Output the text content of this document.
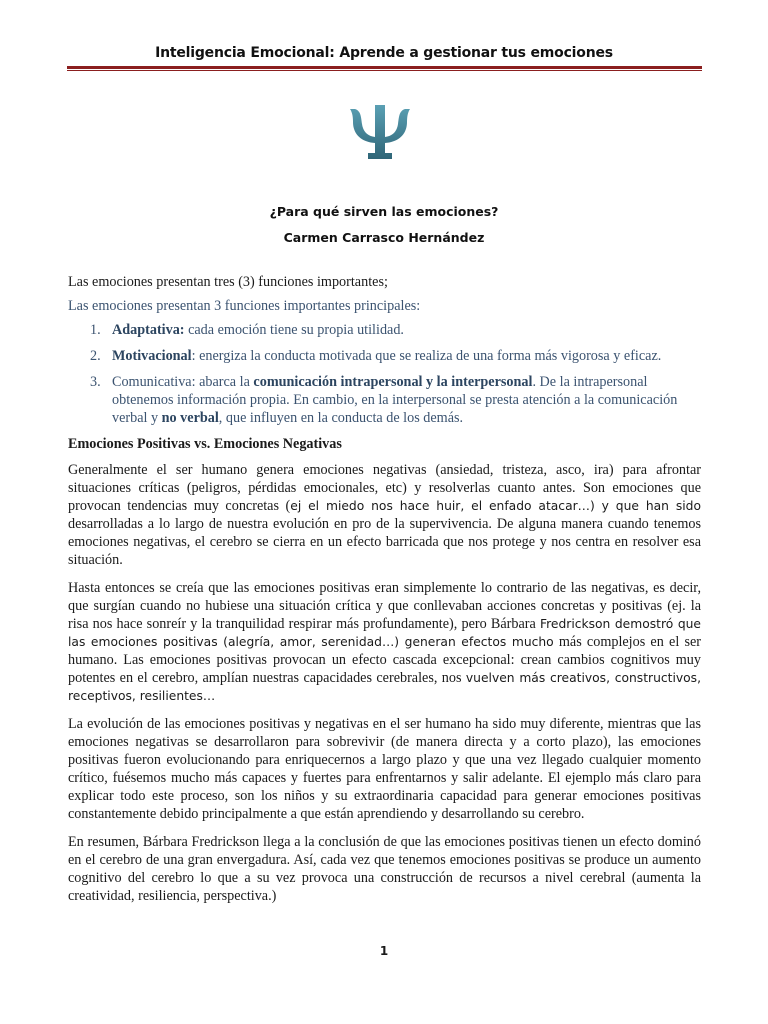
Inteligencia Emocional: Aprende a gestionar tus emociones
¿Para qué sirven las emociones?
Carmen Carrasco Hernández

Las emociones presentan tres (3) funciones importantes;

Las emociones presentan 3 funciones importantes principales:

1. Adaptativa: cada emoción tiene su propia utilidad.
2. Motivacional: energiza la conducta motivada que se realiza de una forma más vigorosa y eficaz.
3. Comunicativa: abarca la comunicación intrapersonal y la interpersonal. De la intrapersonal obtenemos información propia. En cambio, en la interpersonal se presta atención a la comunicación verbal y no verbal, que influyen en la conducta de los demás.

Emociones Positivas vs. Emociones Negativas

Generalmente el ser humano genera emociones negativas (ansiedad, tristeza, asco, ira) para afrontar situaciones críticas (peligros, pérdidas emocionales, etc) y resolverlas cuanto antes. Son emociones que provocan tendencias muy concretas (ej el miedo nos hace huir, el enfado atacar…) y que han sido desarrolladas a lo largo de nuestra evolución en pro de la supervivencia. De alguna manera cuando tenemos emociones negativas, el cerebro se cierra en un efecto barricada que nos protege y nos centra en resolver esa situación.

Hasta entonces se creía que las emociones positivas eran simplemente lo contrario de las negativas, es decir, que surgían cuando no hubiese una situación crítica y que conllevaban acciones concretas y positivas (ej. la risa nos hace sonreír y la tranquilidad respirar más profundamente), pero Bárbara Fredrickson demostró que las emociones positivas (alegría, amor, serenidad…) generan efectos mucho más complejos en el ser humano. Las emociones positivas provocan un efecto cascada excepcional: crean cambios cognitivos muy potentes en el cerebro, amplían nuestras capacidades cerebrales, nos vuelven más creativos, constructivos, receptivos, resilientes…

La evolución de las emociones positivas y negativas en el ser humano ha sido muy diferente, mientras que las emociones negativas se desarrollaron para sobrevivir (de manera directa y a corto plazo), las emociones positivas fueron evolucionando para enriquecernos a largo plazo y que una vez llegado cualquier momento crítico, fuésemos mucho más capaces y fuertes para enfrentarnos y salir adelante. El ejemplo más claro para explicar todo este proceso, son los niños y su extraordinaria capacidad para generar emociones positivas constantemente debido principalmente a que están aprendiendo y desarrollando su cerebro.

En resumen, Bárbara Fredrickson llega a la conclusión de que las emociones positivas tienen un efecto dominó en el cerebro de una gran envergadura. Así, cada vez que tenemos emociones positivas se produce un aumento cognitivo del cerebro lo que a su vez provoca una construcción de recursos a nivel cerebral (aumenta la creatividad, resiliencia, perspectiva.)

1
